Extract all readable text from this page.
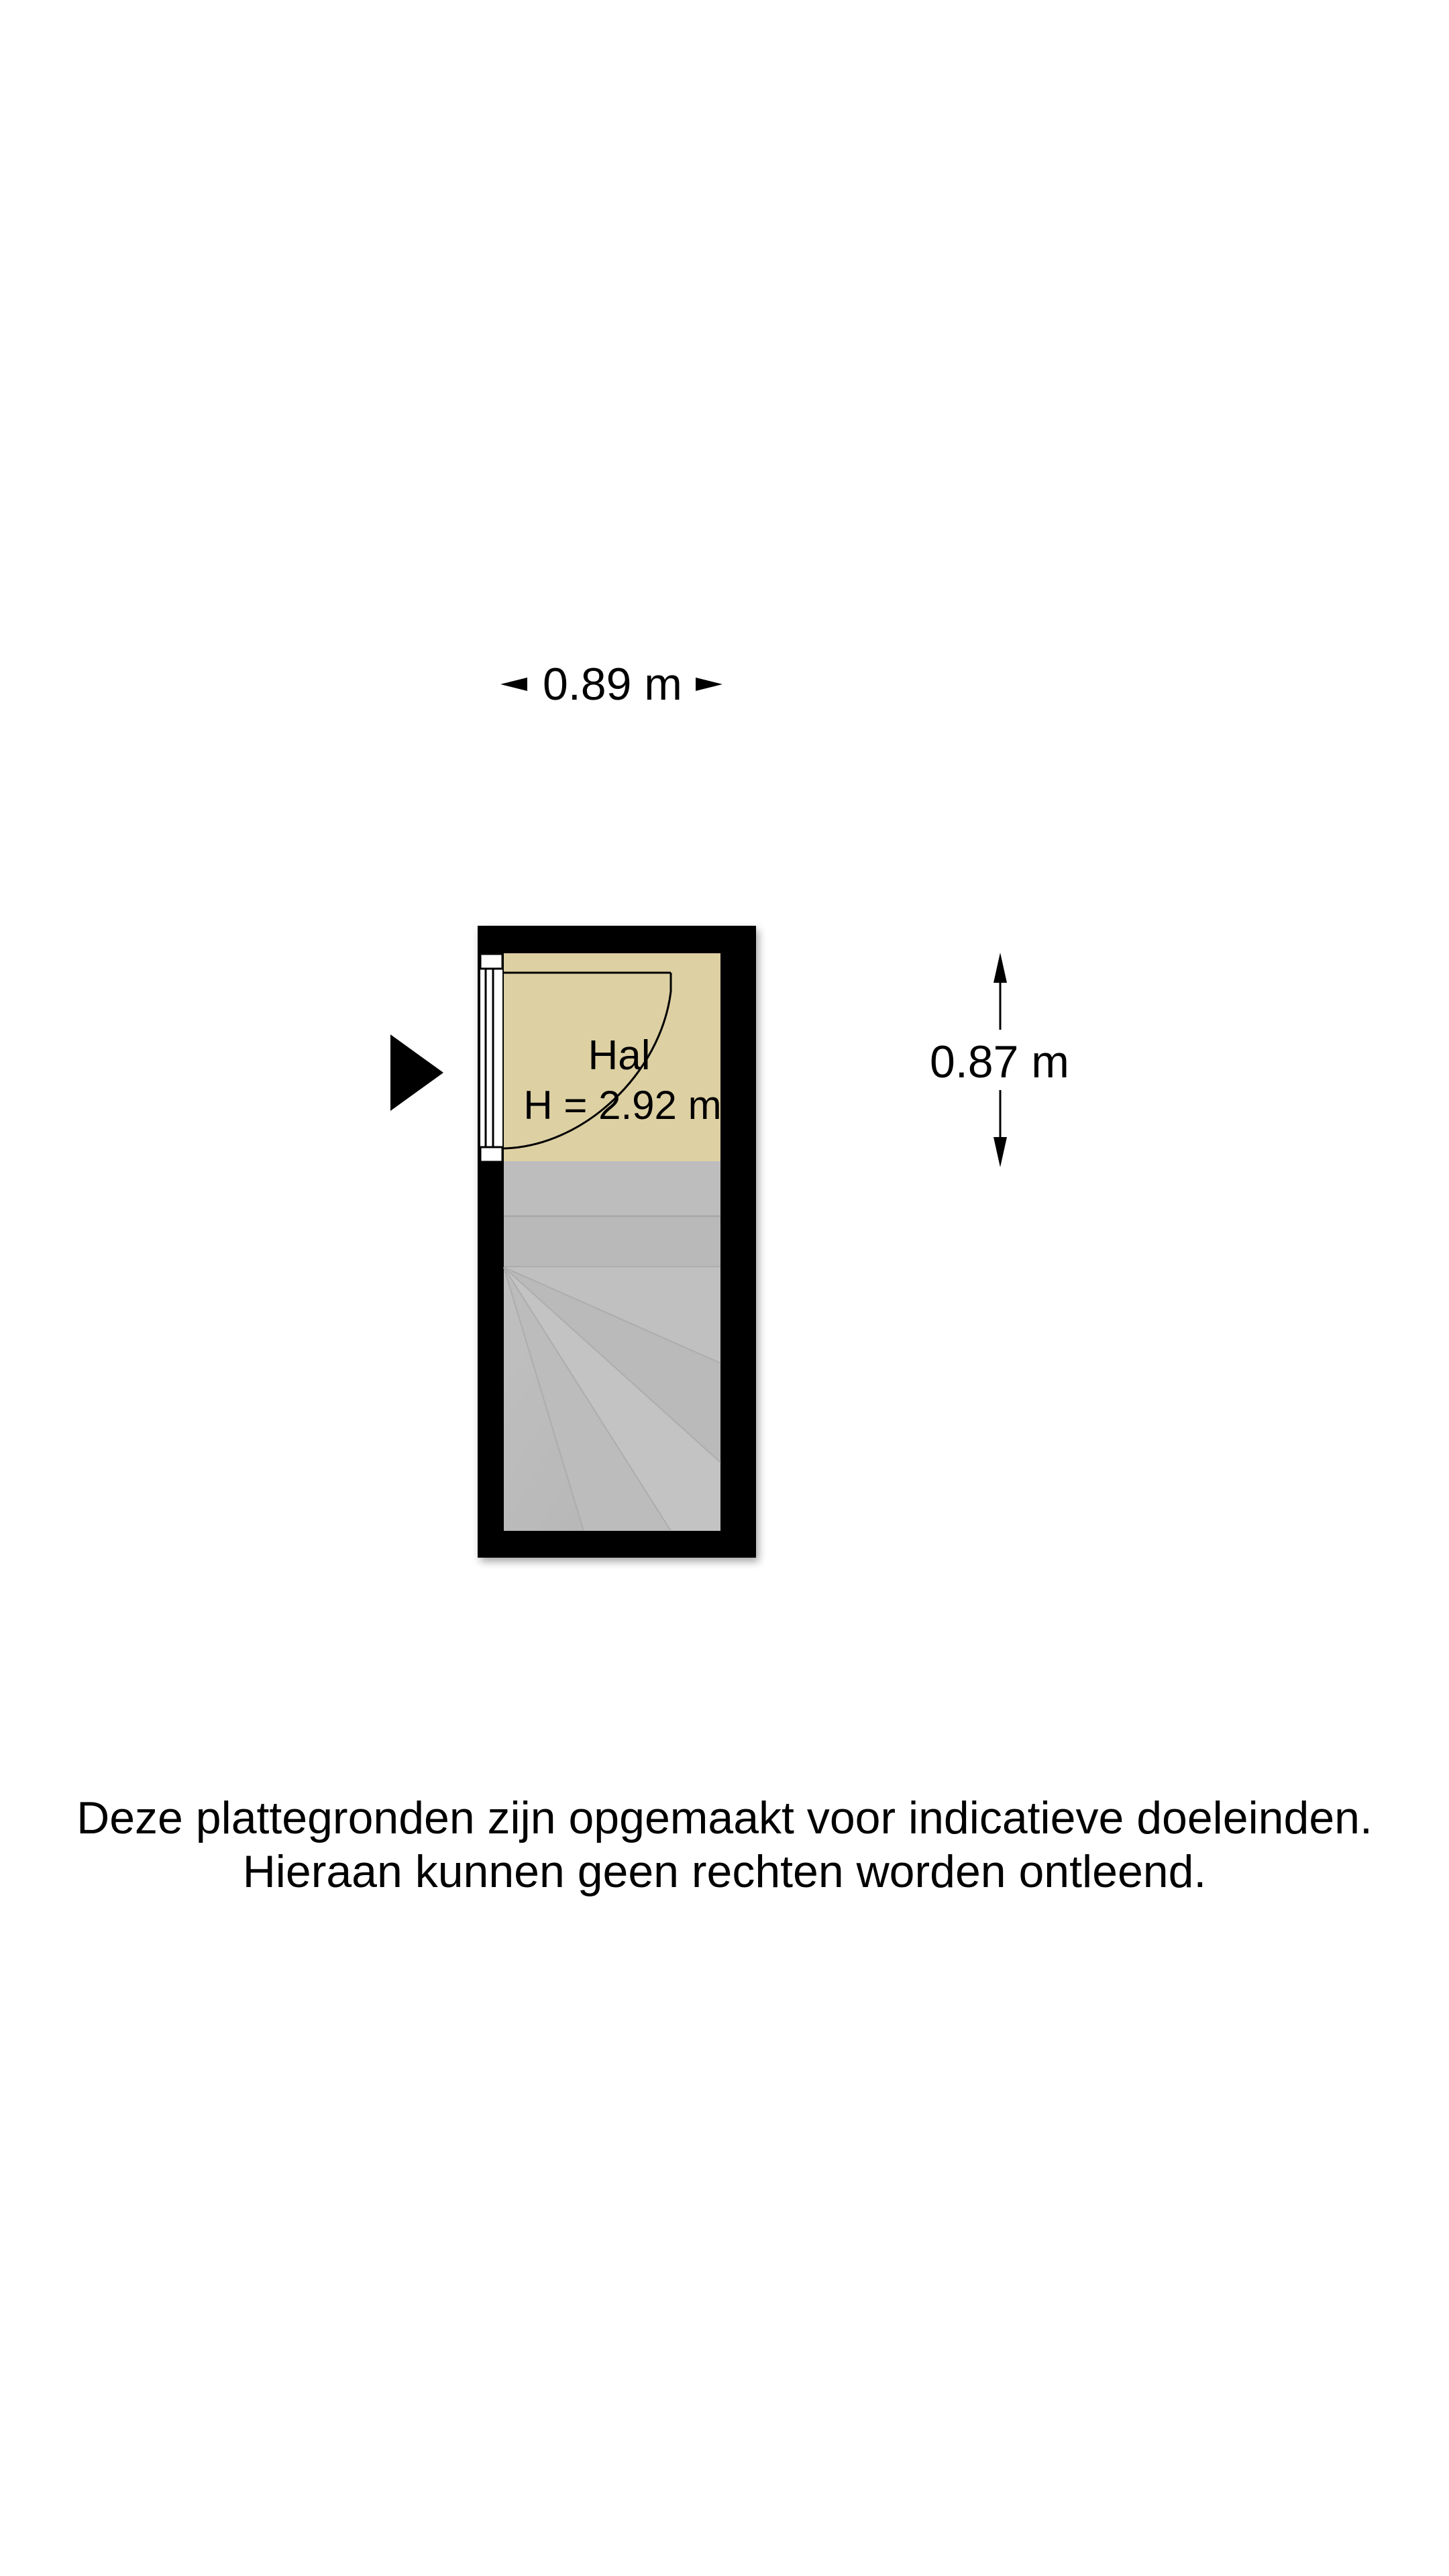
0.89 m
0.87 m
Hal
H = 2.92 m
Deze plattegronden zijn opgemaakt voor indicatieve doeleinden.
Hieraan kunnen geen rechten worden ontleend.
